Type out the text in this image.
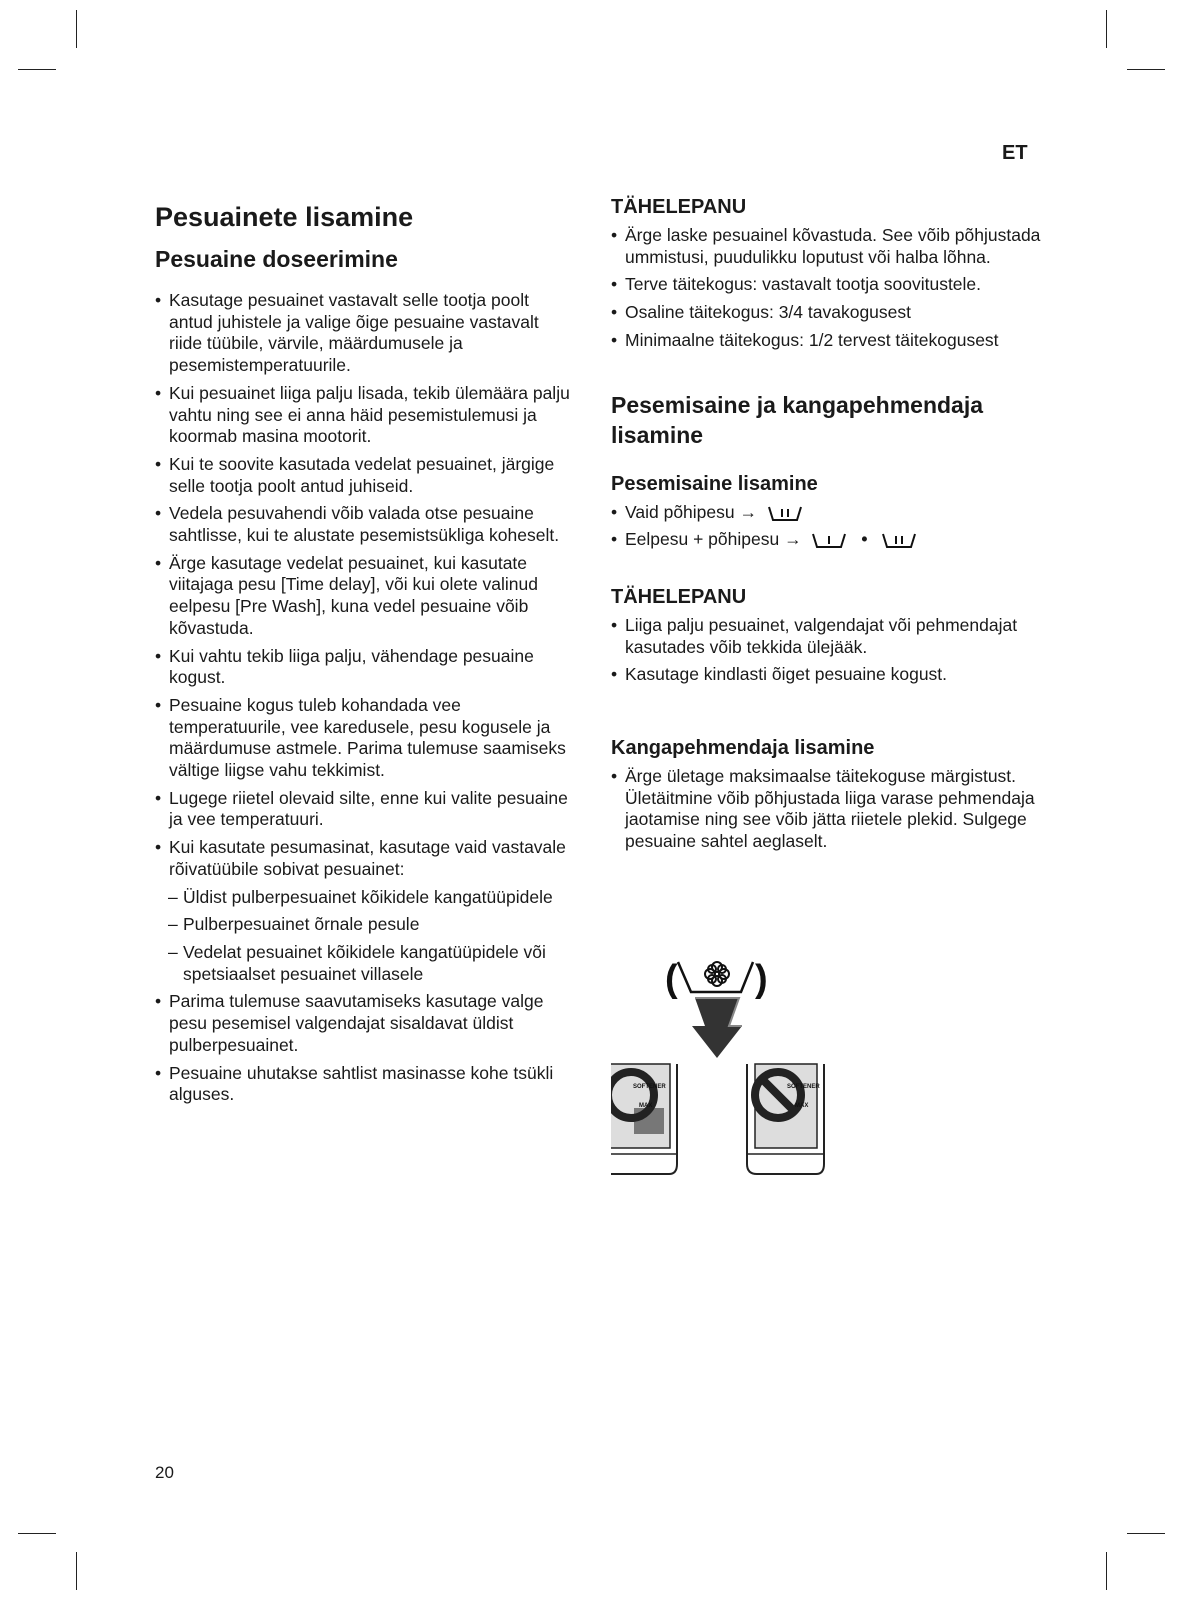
ET
Pesuainete lisamine
Pesuaine doseerimine
• Kasutage pesuainet vastavalt selle tootja poolt antud juhistele ja valige õige pesuaine vastavalt riide tüübile, värvile, määrdumusele ja pesemistemperatuurile.
• Kui pesuainet liiga palju lisada, tekib ülemäära palju vahtu ning see ei anna häid pesemistulemusi ja koormab masina mootorit.
• Kui te soovite kasutada vedelat pesuainet, järgige selle tootja poolt antud juhiseid.
• Vedela pesuvahendi võib valada otse pesuaine sahtlisse, kui te alustate pesemistsükliga koheselt.
• Ärge kasutage vedelat pesuainet, kui kasutate viitajaga pesu [Time delay], või kui olete valinud eelpesu [Pre Wash], kuna vedel pesuaine võib kõvastuda.
• Kui vahtu tekib liiga palju, vähendage pesuaine kogust.
• Pesuaine kogus tuleb kohandada vee temperatuurile, vee karedusele, pesu kogusele ja määrdumuse astmele. Parima tulemuse saamiseks vältige liigse vahu tekkimist.
• Lugege riietel olevaid silte, enne kui valite pesuaine ja vee temperatuuri.
• Kui kasutate pesumasinat, kasutage vaid vastavale rõivatüübile sobivat pesuainet:
– Üldist pulberpesuainet kõikidele kangatüüpidele
– Pulberpesuainet õrnale pesule
– Vedelat pesuainet kõikidele kangatüüpidele või spetsiaalset pesuainet villasele
• Parima tulemuse saavutamiseks kasutage valge pesu pesemisel valgendajat sisaldavat üldist pulberpesuainet.
• Pesuaine uhutakse sahtlist masinasse kohe tsükli alguses.
TÄHELEPANU
• Ärge laske pesuainel kõvastuda. See võib põhjustada ummistusi, puudulikku loputust või halba lõhna.
• Terve täitekogus: vastavalt tootja soovitustele.
• Osaline täitekogus: 3/4 tavakogusest
• Minimaalne täitekogus: 1/2 tervest täitekogusest
Pesemisaine ja kangapehmendaja lisamine
Pesemisaine lisamine
• Vaid põhipesu →
• Eelpesu + põhipesu →	•
TÄHELEPANU
• Liiga palju pesuainet, valgendajat või pehmendajat kasutades võib tekkida ülejääk.
• Kasutage kindlasti õiget pesuaine kogust.
Kangapehmendaja lisamine
• Ärge ületage maksimaalse täitekoguse märgistust. Ületäitmine võib põhjustada liiga varase pehmendaja jaotamise ning see võib jätta riietele plekid. Sulgege pesuaine sahtel aeglaselt.
( )
SOFTENER
MAX
SOFTENER
MAX
20
